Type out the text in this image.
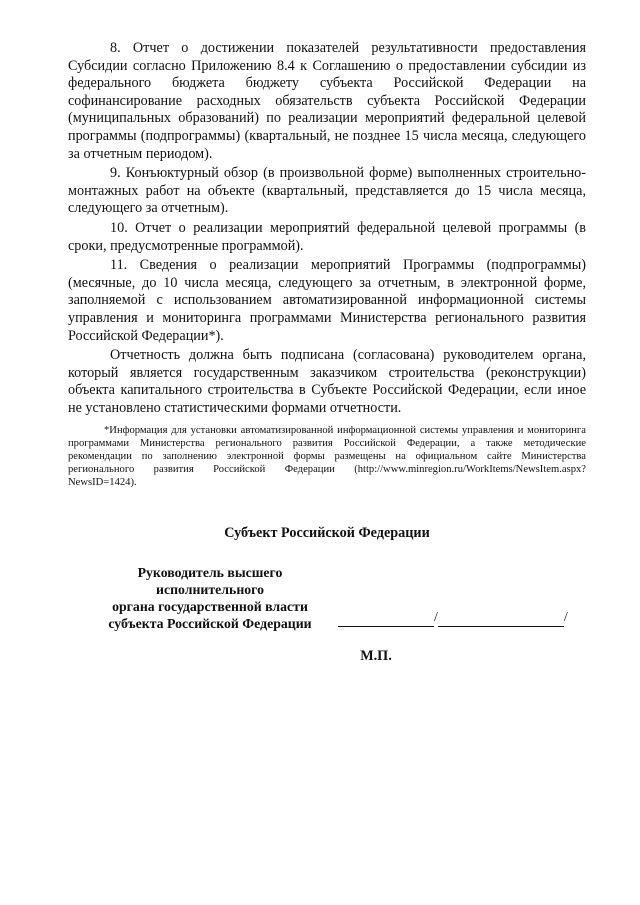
8. Отчет о достижении показателей результативности предоставления Субсидии согласно Приложению 8.4 к Соглашению о предоставлении субсидии из федерального бюджета бюджету субъекта Российской Федерации на софинансирование расходных обязательств субъекта Российской Федерации (муниципальных образований) по реализации мероприятий федеральной целевой программы (подпрограммы) (квартальный, не позднее 15 числа месяца, следующего за отчетным периодом).

9. Конъюктурный обзор (в произвольной форме) выполненных строительно-монтажных работ на объекте (квартальный, представляется до 15 числа месяца, следующего за отчетным).

10. Отчет о реализации мероприятий федеральной целевой программы (в сроки, предусмотренные программой).

11. Сведения о реализации мероприятий Программы (подпрограммы) (месячные, до 10 числа месяца, следующего за отчетным, в электронной форме, заполняемой с использованием автоматизированной информационной системы управления и мониторинга программами Министерства регионального развития Российской Федерации*).

Отчетность должна быть подписана (согласована) руководителем органа, который является государственным заказчиком строительства (реконструкции) объекта капитального строительства в Субъекте Российской Федерации, если иное не установлено статистическими формами отчетности.

*Информация для установки автоматизированной информационной системы управления и мониторинга программами Министерства регионального развития Российской Федерации, а также методические рекомендации по заполнению электронной формы размещены на официальном сайте Министерства регионального развития Российской Федерации (http://www.minregion.ru/WorkItems/NewsItem.aspx?NewsID=1424).

Субъект Российской Федерации
Руководитель высшего
исполнительного
органа государственной власти
субъекта Российской Федерации	/	/
М.П.
